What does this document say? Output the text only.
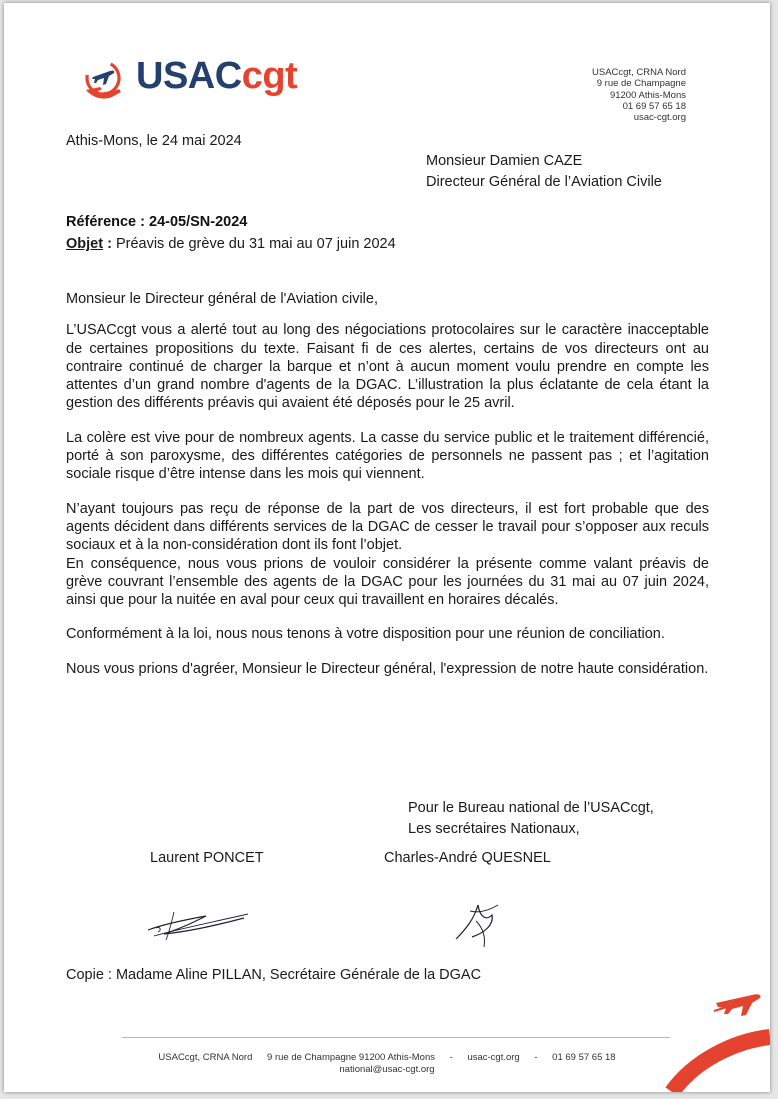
USACcgt	USACcgt, CRNA Nord
9 rue de Champagne
91200 Athis-Mons
01 69 57 65 18
usac-cgt.org
Athis-Mons, le 24 mai 2024
Monsieur Damien CAZE
Directeur Général de l’Aviation Civile
Référence : 24-05/SN-2024
Objet : Préavis de grève du 31 mai au 07 juin 2024

Monsieur le Directeur général de l'Aviation civile,

L’USACcgt vous a alerté tout au long des négociations protocolaires sur le caractère inacceptable de certaines propositions du texte. Faisant fi de ces alertes, certains de vos directeurs ont au contraire continué de charger la barque et n’ont à aucun moment voulu prendre en compte les attentes d’un grand nombre d'agents de la DGAC. L’illustration la plus éclatante de cela étant la gestion des différents préavis qui avaient été déposés pour le 25 avril.

La colère est vive pour de nombreux agents. La casse du service public et le traitement différencié, porté à son paroxysme, des différentes catégories de personnels ne passent pas ; et l’agitation sociale risque d’être intense dans les mois qui viennent.

N’ayant toujours pas reçu de réponse de la part de vos directeurs, il est fort probable que des agents décident dans différents services de la DGAC de cesser le travail pour s’opposer aux reculs sociaux et à la non-considération dont ils font l’objet.

En conséquence, nous vous prions de vouloir considérer la présente comme valant préavis de grève couvrant l’ensemble des agents de la DGAC pour les journées du 31 mai au 07 juin 2024, ainsi que pour la nuitée en aval pour ceux qui travaillent en horaires décalés.

Conformément à la loi, nous nous tenons à votre disposition pour une réunion de conciliation.

Nous vous prions d'agréer, Monsieur le Directeur général, l'expression de notre haute considération.

Pour le Bureau national de l’USACcgt,
Les secrétaires Nationaux,
Laurent PONCET	Charles-André QUESNEL
Copie : Madame Aline PILLAN, Secrétaire Générale de la DGAC
USACcgt, CRNA Nord 9 rue de Champagne 91200 Athis-Mons - usac-cgt.org - 01 69 57 65 18
national@usac-cgt.org
